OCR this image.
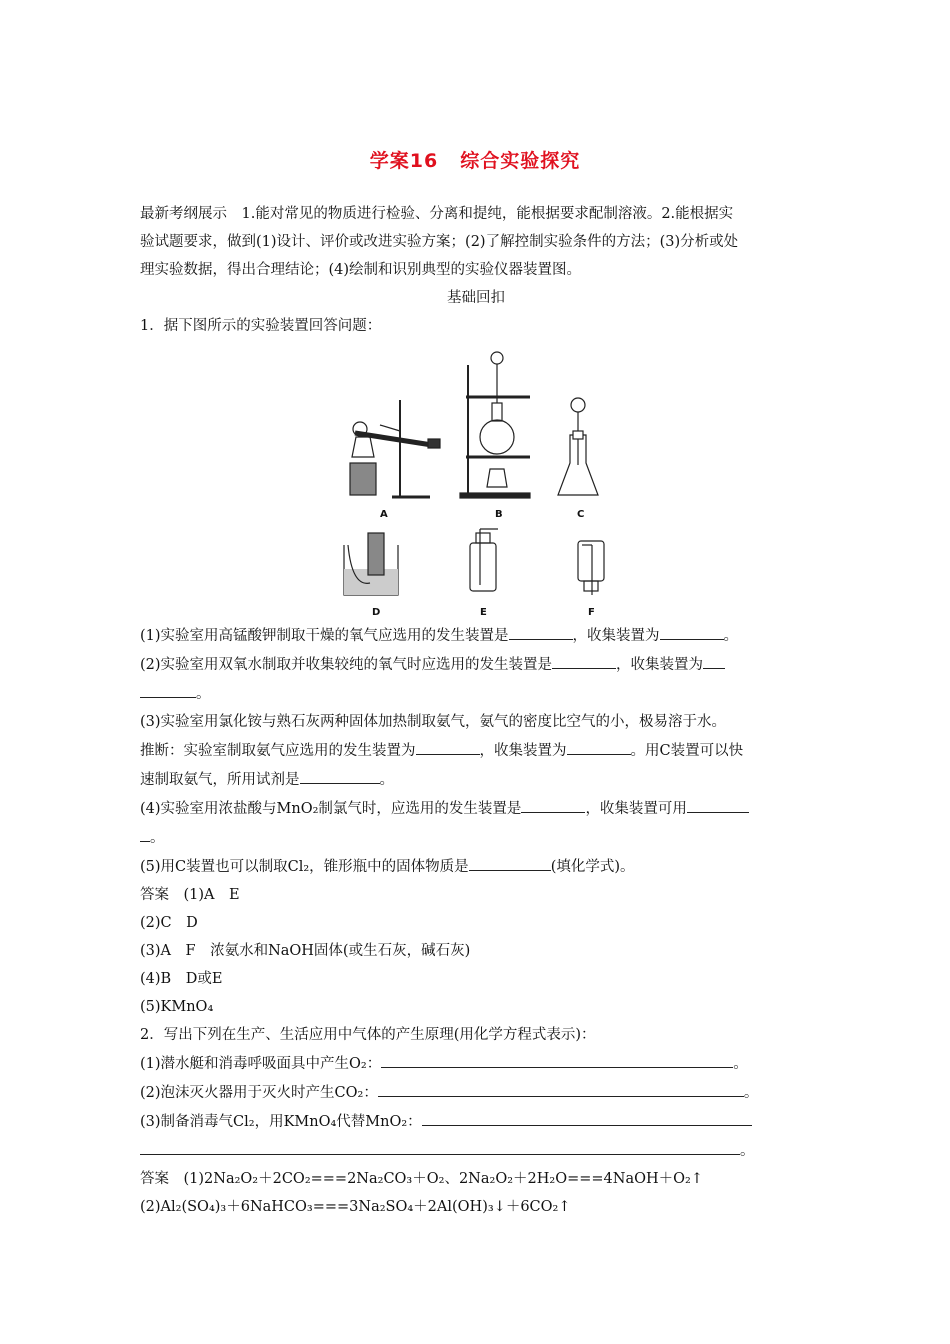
学案16 综合实验探究
最新考纲展示　1.能对常见的物质进行检验、分离和提纯，能根据要求配制溶液。2.能根据实
验试题要求，做到(1)设计、评价或改进实验方案；(2)了解控制实验条件的方法；(3)分析或处
理实验数据，得出合理结论；(4)绘制和识别典型的实验仪器装置图。
基础回扣
1．据下图所示的实验装置回答问题：
A	B	C
D	E	F
(1)实验室用高锰酸钾制取干燥的氧气应选用的发生装置是	，收集装置为	。
(2)实验室用双氧水制取并收集较纯的氧气时应选用的发生装置是	，收集装置为
。
(3)实验室用氯化铵与熟石灰两种固体加热制取氨气，氨气的密度比空气的小，极易溶于水。
推断：实验室制取氨气应选用的发生装置为	，收集装置为	。用C装置可以快
速制取氨气，所用试剂是	。
(4)实验室用浓盐酸与MnO₂制氯气时，应选用的发生装置是	，收集装置可用
。
(5)用C装置也可以制取Cl₂，锥形瓶中的固体物质是	(填化学式)。
答案　(1)A　E
(2)C　D
(3)A　F　浓氨水和NaOH固体(或生石灰，碱石灰)
(4)B　D或E
(5)KMnO₄
2．写出下列在生产、生活应用中气体的产生原理(用化学方程式表示)：
(1)潜水艇和消毒呼吸面具中产生O₂：	。
(2)泡沫灭火器用于灭火时产生CO₂：	。
(3)制备消毒气Cl₂，用KMnO₄代替MnO₂：
。
答案　(1)2Na₂O₂＋2CO₂===2Na₂CO₃＋O₂、2Na₂O₂＋2H₂O===4NaOH＋O₂↑
(2)Al₂(SO₄)₃＋6NaHCO₃===3Na₂SO₄＋2Al(OH)₃↓＋6CO₂↑
